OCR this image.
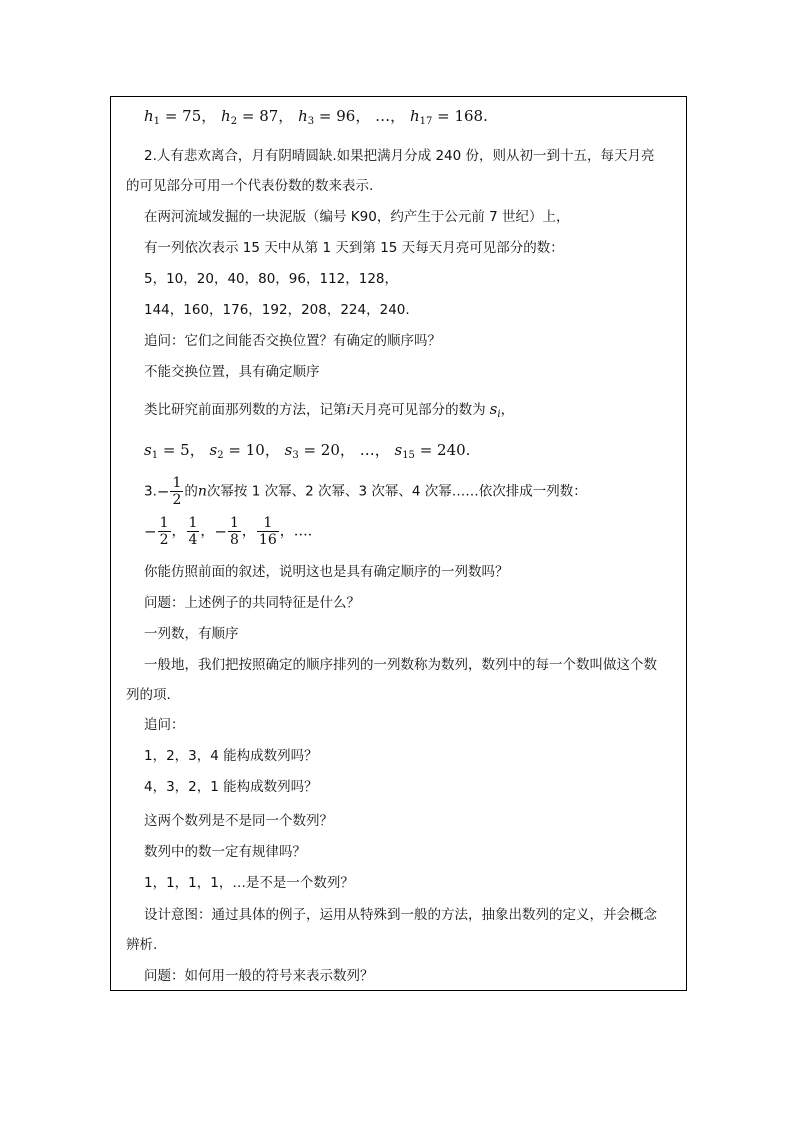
$h_1 = 75$， $h_2 = 87$， $h_3 = 96$， …， $h_{17} = 168$.
2.人有悲欢离合，月有阴晴圆缺.如果把满月分成 240 份，则从初一到十五，每天月亮的可见部分可用一个代表份数的数来表示.
在两河流域发掘的一块泥版（编号 K90，约产生于公元前 7 世纪）上，
有一列依次表示 15 天中从第 1 天到第 15 天每天月亮可见部分的数：
5，10，20，40，80，96，112，128，
144，160，176，192，208，224，240.
追问：它们之间能否交换位置？有确定的顺序吗？
不能交换位置，具有确定顺序
类比研究前面那列数的方法，记第i天月亮可见部分的数为 $s_i$，
$s_1 = 5$， $s_2 = 10$， $s_3 = 20$， …， $s_{15} = 240$.
$3.- \frac{1}{2}$ 的n次幂按 1 次幂、2 次幂、3 次幂、4 次幂……依次排成一列数：
− $\frac{1}{2}$ ， $\frac{1}{4}$ ，− $\frac{1}{8}$ ， $\frac{1}{16}$ ，….
你能仿照前面的叙述，说明这也是具有确定顺序的一列数吗？
问题：上述例子的共同特征是什么？
一列数，有顺序
一般地，我们把按照确定的顺序排列的一列数称为数列，数列中的每一个数叫做这个数列的项.
追问：
1，2，3，4 能构成数列吗？
4，3，2，1 能构成数列吗？
这两个数列是不是同一个数列？
数列中的数一定有规律吗？
1，1，1，1，…是不是一个数列？
设计意图：通过具体的例子，运用从特殊到一般的方法，抽象出数列的定义，并会概念辨析.
问题：如何用一般的符号来表示数列？
